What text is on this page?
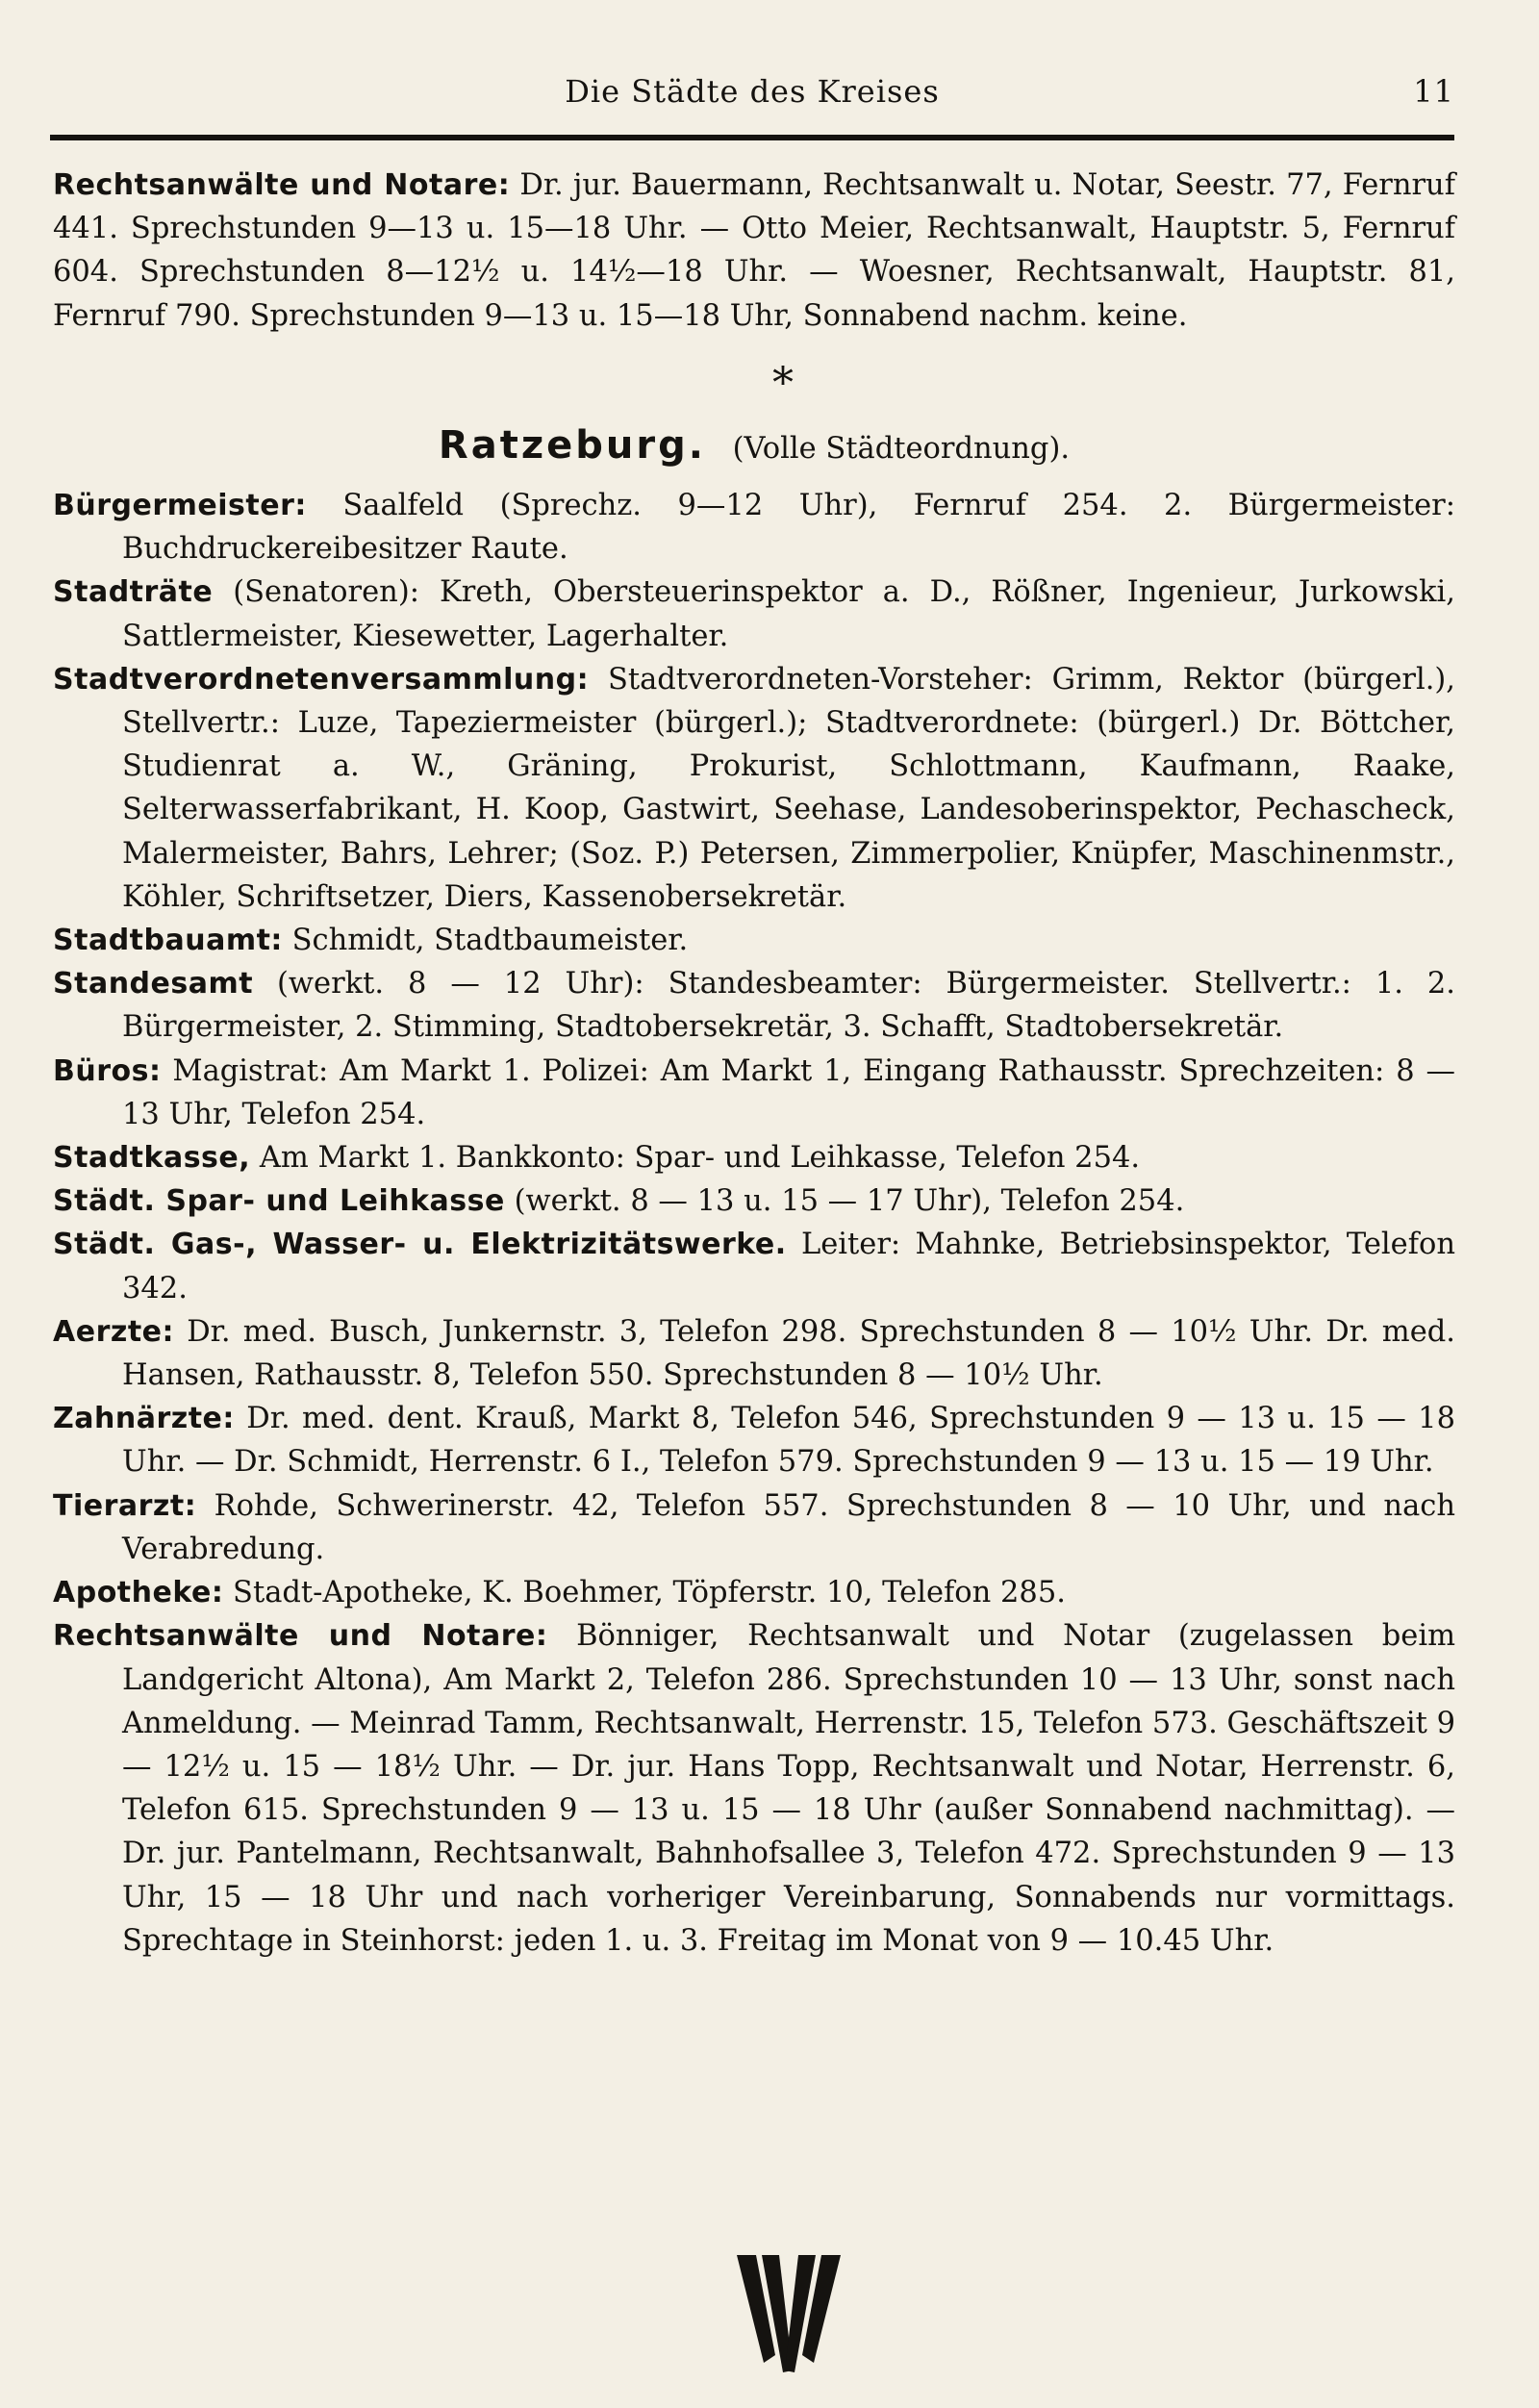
Die Städte des Kreises	11

Rechtsanwälte und Notare: Dr. jur. Bauermann, Rechtsanwalt u. Notar, Seestr. 77, Fernruf 441. Sprechstunden 9—13 u. 15—18 Uhr. — Otto Meier, Rechtsanwalt, Hauptstr. 5, Fernruf 604. Sprechstunden 8—12½ u. 14½—18 Uhr. — Woesner, Rechtsanwalt, Hauptstr. 81, Fernruf 790. Sprechstunden 9—13 u. 15—18 Uhr, Sonnabend nachm. keine.

*
Ratzeburg. (Volle Städteordnung).

Bürgermeister: Saalfeld (Sprechz. 9—12 Uhr), Fernruf 254. 2. Bürgermeister: Buchdruckereibesitzer Raute.

Stadträte (Senatoren): Kreth, Obersteuerinspektor a. D., Rößner, Ingenieur, Jurkowski, Sattlermeister, Kiesewetter, Lagerhalter.

Stadtverordnetenversammlung: Stadtverordneten-Vorsteher: Grimm, Rektor (bürgerl.), Stellvertr.: Luze, Tapeziermeister (bürgerl.); Stadtverordnete: (bürgerl.) Dr. Böttcher, Studienrat a. W., Gräning, Prokurist, Schlottmann, Kaufmann, Raake, Selterwasserfabrikant, H. Koop, Gastwirt, Seehase, Landesoberinspektor, Pechascheck, Malermeister, Bahrs, Lehrer; (Soz. P.) Petersen, Zimmerpolier, Knüpfer, Maschinenmstr., Köhler, Schriftsetzer, Diers, Kassenobersekretär.

Stadtbauamt: Schmidt, Stadtbaumeister.

Standesamt (werkt. 8 — 12 Uhr): Standesbeamter: Bürgermeister. Stellvertr.: 1. 2. Bürgermeister, 2. Stimming, Stadtobersekretär, 3. Schafft, Stadtobersekretär.

Büros: Magistrat: Am Markt 1. Polizei: Am Markt 1, Eingang Rathausstr. Sprechzeiten: 8 — 13 Uhr, Telefon 254.

Stadtkasse, Am Markt 1. Bankkonto: Spar- und Leihkasse, Telefon 254.

Städt. Spar- und Leihkasse (werkt. 8 — 13 u. 15 — 17 Uhr), Telefon 254.

Städt. Gas-, Wasser- u. Elektrizitätswerke. Leiter: Mahnke, Betriebsinspektor, Telefon 342.

Aerzte: Dr. med. Busch, Junkernstr. 3, Telefon 298. Sprechstunden 8 — 10½ Uhr. Dr. med. Hansen, Rathausstr. 8, Telefon 550. Sprechstunden 8 — 10½ Uhr.

Zahnärzte: Dr. med. dent. Krauß, Markt 8, Telefon 546, Sprechstunden 9 — 13 u. 15 — 18 Uhr. — Dr. Schmidt, Herrenstr. 6 I., Telefon 579. Sprechstunden 9 — 13 u. 15 — 19 Uhr.

Tierarzt: Rohde, Schwerinerstr. 42, Telefon 557. Sprechstunden 8 — 10 Uhr, und nach Verabredung.

Apotheke: Stadt-Apotheke, K. Boehmer, Töpferstr. 10, Telefon 285.

Rechtsanwälte und Notare: Bönniger, Rechtsanwalt und Notar (zugelassen beim Landgericht Altona), Am Markt 2, Telefon 286. Sprechstunden 10 — 13 Uhr, sonst nach Anmeldung. — Meinrad Tamm, Rechtsanwalt, Herrenstr. 15, Telefon 573. Geschäftszeit 9 — 12½ u. 15 — 18½ Uhr. — Dr. jur. Hans Topp, Rechtsanwalt und Notar, Herrenstr. 6, Telefon 615. Sprechstunden 9 — 13 u. 15 — 18 Uhr (außer Sonnabend nachmittag). — Dr. jur. Pantelmann, Rechtsanwalt, Bahnhofsallee 3, Telefon 472. Sprechstunden 9 — 13 Uhr, 15 — 18 Uhr und nach vorheriger Vereinbarung, Sonnabends nur vormittags. Sprechtage in Steinhorst: jeden 1. u. 3. Freitag im Monat von 9 — 10.45 Uhr.
